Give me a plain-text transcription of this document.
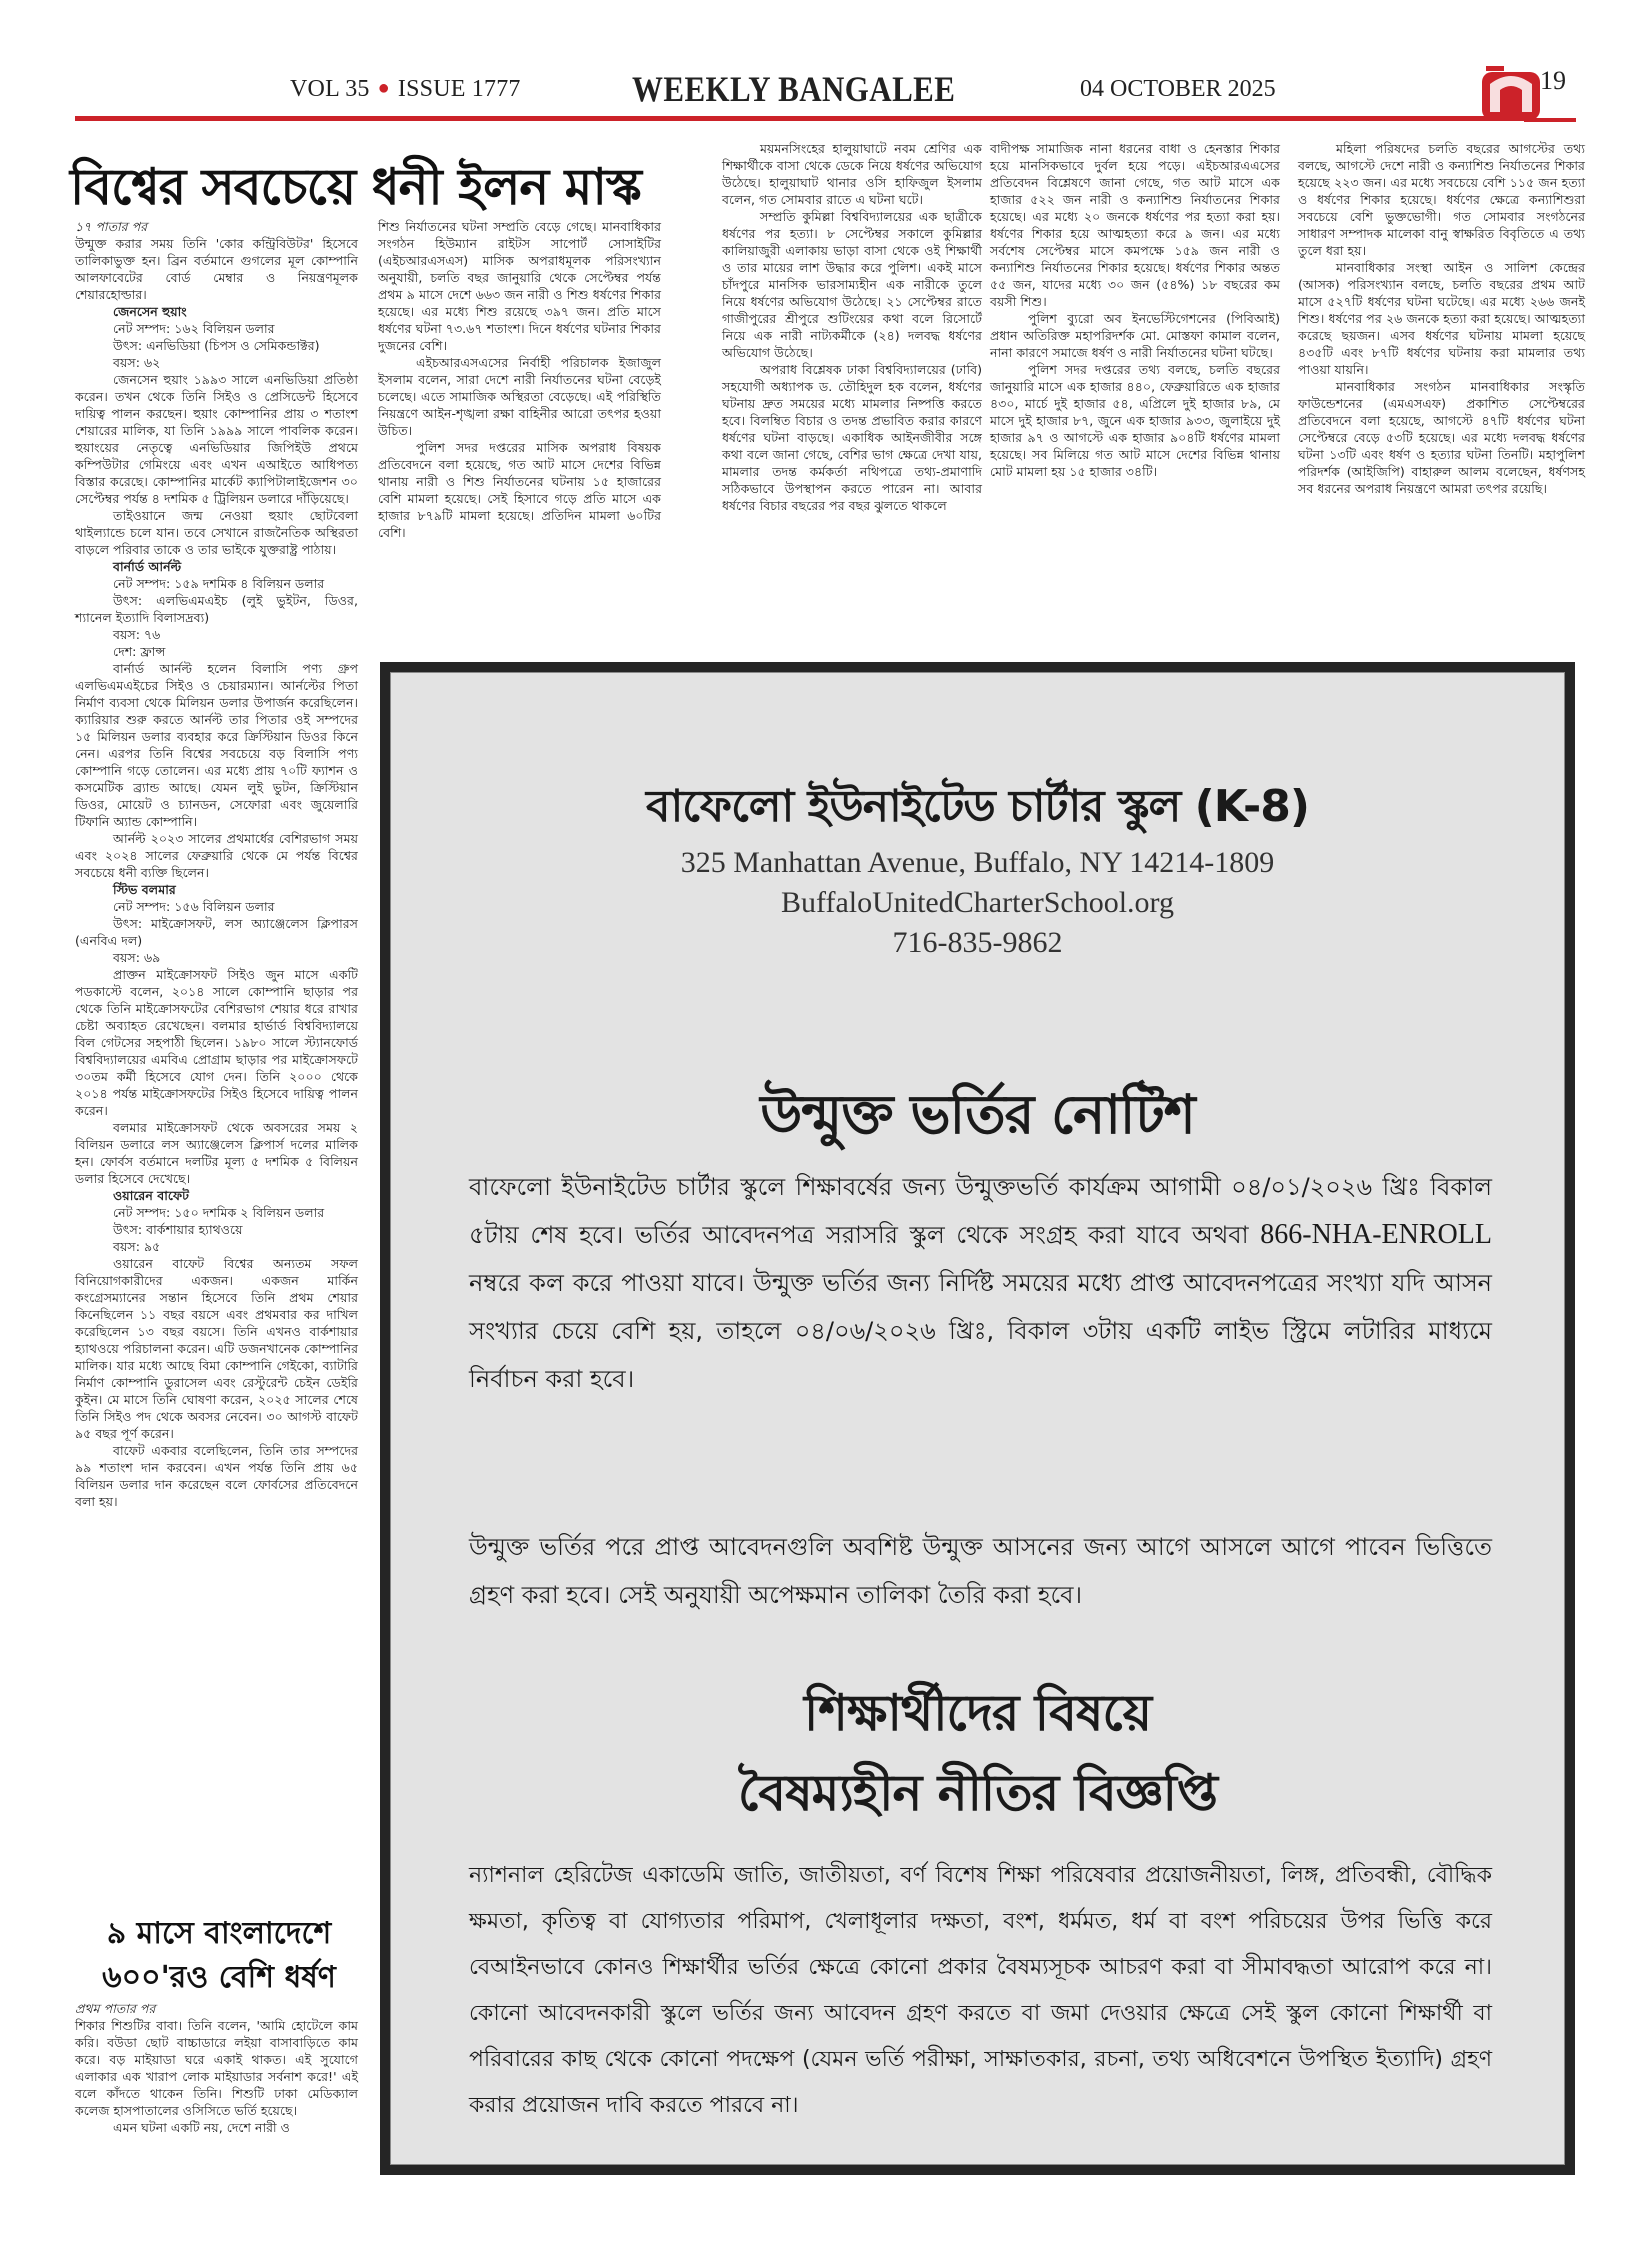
VOL 35 ● ISSUE 1777	WEEKLY BANGALEE	04 OCTOBER 2025	19
বিশ্বের সবচেয়ে ধনী ইলন মাস্ক

১৭ পাতার পর

উন্মুক্ত করার সময় তিনি 'কোর কন্ট্রিবিউটর' হিসেবে তালিকাভুক্ত হন। ব্রিন বর্তমানে গুগলের মূল কোম্পানি আলফাবেটের বোর্ড মেম্বার ও নিয়ন্ত্রণমূলক শেয়ারহোল্ডার।

জেনসেন হুয়াং

নেট সম্পদ: ১৬২ বিলিয়ন ডলার

উৎস: এনভিডিয়া (চিপস ও সেমিকন্ডাক্টর)

বয়স: ৬২

জেনসেন হুয়াং ১৯৯৩ সালে এনভিডিয়া প্রতিষ্ঠা করেন। তখন থেকে তিনি সিইও ও প্রেসিডেন্ট হিসেবে দায়িত্ব পালন করছেন। হুয়াং কোম্পানির প্রায় ৩ শতাংশ শেয়ারের মালিক, যা তিনি ১৯৯৯ সালে পাবলিক করেন। হুয়াংয়ের নেতৃত্বে এনভিডিয়ার জিপিইউ প্রথমে কম্পিউটার গেমিংয়ে এবং এখন এআইতে আধিপত্য বিস্তার করেছে। কোম্পানির মার্কেট ক্যাপিটালাইজেশন ৩০ সেপ্টেম্বর পর্যন্ত ৪ দশমিক ৫ ট্রিলিয়ন ডলারে দাঁড়িয়েছে।

তাইওয়ানে জন্ম নেওয়া হুয়াং ছোটবেলা থাইল্যান্ডে চলে যান। তবে সেখানে রাজনৈতিক অস্থিরতা বাড়লে পরিবার তাকে ও তার ভাইকে যুক্তরাষ্ট্র পাঠায়।

বার্নার্ড আর্নল্ট

নেট সম্পদ: ১৫৯ দশমিক ৪ বিলিয়ন ডলার

উৎস: এলভিএমএইচ (লুই ভুইটন, ডিওর, শ্যানেল ইত্যাদি বিলাসদ্রব্য)

বয়স: ৭৬

দেশ: ফ্রান্স

বার্নার্ড আর্নল্ট হলেন বিলাসি পণ্য গ্রুপ এলভিএমএইচের সিইও ও চেয়ারম্যান। আর্নল্টের পিতা নির্মাণ ব্যবসা থেকে মিলিয়ন ডলার উপার্জন করেছিলেন। ক্যারিয়ার শুরু করতে আর্নল্ট তার পিতার ওই সম্পদের ১৫ মিলিয়ন ডলার ব্যবহার করে ক্রিস্টিয়ান ডিওর কিনে নেন। এরপর তিনি বিশ্বের সবচেয়ে বড় বিলাসি পণ্য কোম্পানি গড়ে তোলেন। এর মধ্যে প্রায় ৭০টি ফ্যাশন ও কসমেটিক ব্র্যান্ড আছে। যেমন লুই ভুটন, ক্রিস্টিয়ান ডিওর, মোয়েট ও চ্যানডন, সেফোরা এবং জুয়েলারি টিফানি অ্যান্ড কোম্পানি।

আর্নল্ট ২০২৩ সালের প্রথমার্ধের বেশিরভাগ সময় এবং ২০২৪ সালের ফেব্রুয়ারি থেকে মে পর্যন্ত বিশ্বের সবচেয়ে ধনী ব্যক্তি ছিলেন।

স্টিভ বলমার

নেট সম্পদ: ১৫৬ বিলিয়ন ডলার

উৎস: মাইক্রোসফট, লস অ্যাঞ্জেলেস ক্লিপারস (এনবিএ দল)

বয়স: ৬৯

প্রাক্তন মাইক্রোসফট সিইও জুন মাসে একটি পডকাস্টে বলেন, ২০১৪ সালে কোম্পানি ছাড়ার পর থেকে তিনি মাইক্রোসফটের বেশিরভাগ শেয়ার ধরে রাখার চেষ্টা অব্যাহত রেখেছেন। বলমার হার্ভার্ড বিশ্ববিদ্যালয়ে বিল গেটসের সহপাঠী ছিলেন। ১৯৮০ সালে স্ট্যানফোর্ড বিশ্ববিদ্যালয়ের এমবিএ প্রোগ্রাম ছাড়ার পর মাইক্রোসফটে ৩০তম কর্মী হিসেবে যোগ দেন। তিনি ২০০০ থেকে ২০১৪ পর্যন্ত মাইক্রোসফটের সিইও হিসেবে দায়িত্ব পালন করেন।

বলমার মাইক্রোসফট থেকে অবসরের সময় ২ বিলিয়ন ডলারে লস অ্যাঞ্জেলেস ক্লিপার্স দলের মালিক হন। ফোর্বস বর্তমানে দলটির মূল্য ৫ দশমিক ৫ বিলিয়ন ডলার হিসেবে দেখেছে।

ওয়ারেন বাফেট

নেট সম্পদ: ১৫০ দশমিক ২ বিলিয়ন ডলার

উৎস: বার্কশায়ার হ্যাথওয়ে

বয়স: ৯৫

ওয়ারেন বাফেট বিশ্বের অন্যতম সফল বিনিয়োগকারীদের একজন। একজন মার্কিন কংগ্রেসম্যানের সন্তান হিসেবে তিনি প্রথম শেয়ার কিনেছিলেন ১১ বছর বয়সে এবং প্রথমবার কর দাখিল করেছিলেন ১৩ বছর বয়সে। তিনি এখনও বার্কশায়ার হ্যাথওয়ে পরিচালনা করেন। এটি ডজনখানেক কোম্পানির মালিক। যার মধ্যে আছে বিমা কোম্পানি গেইকো, ব্যাটারি নির্মাণ কোম্পানি ডুরাসেল এবং রেস্টুরেন্ট চেইন ডেইরি কুইন। মে মাসে তিনি ঘোষণা করেন, ২০২৫ সালের শেষে তিনি সিইও পদ থেকে অবসর নেবেন। ৩০ আগস্ট বাফেট ৯৫ বছর পূর্ণ করেন।

বাফেট একবার বলেছিলেন, তিনি তার সম্পদের ৯৯ শতাংশ দান করবেন। এখন পর্যন্ত তিনি প্রায় ৬৫ বিলিয়ন ডলার দান করেছেন বলে ফোর্বসের প্রতিবেদনে বলা হয়।

শিশু নির্যাতনের ঘটনা সম্প্রতি বেড়ে গেছে। মানবাধিকার সংগঠন হিউম্যান রাইটস সাপোর্ট সোসাইটির (এইচআরএসএস) মাসিক অপরাধমূলক পরিসংখ্যান অনুযায়ী, চলতি বছর জানুয়ারি থেকে সেপ্টেম্বর পর্যন্ত প্রথম ৯ মাসে দেশে ৬৬৩ জন নারী ও শিশু ধর্ষণের শিকার হয়েছে। এর মধ্যে শিশু রয়েছে ৩৯৭ জন। প্রতি মাসে ধর্ষণের ঘটনা ৭৩.৬৭ শতাংশ। দিনে ধর্ষণের ঘটনার শিকার দুজনের বেশি।

এইচআরএসএসের নির্বাহী পরিচালক ইজাজুল ইসলাম বলেন, সারা দেশে নারী নির্যাতনের ঘটনা বেড়েই চলেছে। এতে সামাজিক অস্থিরতা বেড়েছে। এই পরিস্থিতি নিয়ন্ত্রণে আইন-শৃঙ্খলা রক্ষা বাহিনীর আরো তৎপর হওয়া উচিত।

পুলিশ সদর দপ্তরের মাসিক অপরাধ বিষয়ক প্রতিবেদনে বলা হয়েছে, গত আট মাসে দেশের বিভিন্ন থানায় নারী ও শিশু নির্যাতনের ঘটনায় ১৫ হাজারের বেশি মামলা হয়েছে। সেই হিসাবে গড়ে প্রতি মাসে এক হাজার ৮৭৯টি মামলা হয়েছে। প্রতিদিন মামলা ৬০টির বেশি।

ময়মনসিংহের হালুয়াঘাটে নবম শ্রেণির এক শিক্ষার্থীকে বাসা থেকে ডেকে নিয়ে ধর্ষণের অভিযোগ উঠেছে। হালুয়াঘাট থানার ওসি হাফিজুল ইসলাম বলেন, গত সোমবার রাতে এ ঘটনা ঘটে।

সম্প্রতি কুমিল্লা বিশ্ববিদ্যালয়ের এক ছাত্রীকে ধর্ষণের পর হত্যা। ৮ সেপ্টেম্বর সকালে কুমিল্লার কালিয়াজুরী এলাকায় ভাড়া বাসা থেকে ওই শিক্ষার্থী ও তার মায়ের লাশ উদ্ধার করে পুলিশ। একই মাসে চাঁদপুরে মানসিক ভারসাম্যহীন এক নারীকে তুলে নিয়ে ধর্ষণের অভিযোগ উঠেছে। ২১ সেপ্টেম্বর রাতে গাজীপুরের শ্রীপুরে শুটিংয়ের কথা বলে রিসোর্টে নিয়ে এক নারী নাট্যকর্মীকে (২৪) দলবদ্ধ ধর্ষণের অভিযোগ উঠেছে।

অপরাধ বিশ্লেষক ঢাকা বিশ্ববিদ্যালয়ের (ঢাবি) সহযোগী অধ্যাপক ড. তৌহিদুল হক বলেন, ধর্ষণের ঘটনায় দ্রুত সময়ের মধ্যে মামলার নিষ্পত্তি করতে হবে। বিলম্বিত বিচার ও তদন্ত প্রভাবিত করার কারণে ধর্ষণের ঘটনা বাড়ছে। একাধিক আইনজীবীর সঙ্গে কথা বলে জানা গেছে, বেশির ভাগ ক্ষেত্রে দেখা যায়, মামলার তদন্ত কর্মকর্তা নথিপত্রে তথ্য-প্রমাণাদি সঠিকভাবে উপস্থাপন করতে পারেন না। আবার ধর্ষণের বিচার বছরের পর বছর ঝুলতে থাকলে

বাদীপক্ষ সামাজিক নানা ধরনের বাধা ও হেনস্তার শিকার হয়ে মানসিকভাবে দুর্বল হয়ে পড়ে। এইচআরএএসের প্রতিবেদন বিশ্লেষণে জানা গেছে, গত আট মাসে এক হাজার ৫২২ জন নারী ও কন্যাশিশু নির্যাতনের শিকার হয়েছে। এর মধ্যে ২০ জনকে ধর্ষণের পর হত্যা করা হয়। ধর্ষণের শিকার হয়ে আত্মহত্যা করে ৯ জন। এর মধ্যে সর্বশেষ সেপ্টেম্বর মাসে কমপক্ষে ১৫৯ জন নারী ও কন্যাশিশু নির্যাতনের শিকার হয়েছে। ধর্ষণের শিকার অন্তত ৫৫ জন, যাদের মধ্যে ৩০ জন (৫৪%) ১৮ বছরের কম বয়সী শিশু।

পুলিশ ব্যুরো অব ইনভেস্টিগেশনের (পিবিআই) প্রধান অতিরিক্ত মহাপরিদর্শক মো. মোস্তফা কামাল বলেন, নানা কারণে সমাজে ধর্ষণ ও নারী নির্যাতনের ঘটনা ঘটছে।

পুলিশ সদর দপ্তরের তথ্য বলছে, চলতি বছরের জানুয়ারি মাসে এক হাজার ৪৪০, ফেব্রুয়ারিতে এক হাজার ৪৩০, মার্চে দুই হাজার ৫৪, এপ্রিলে দুই হাজার ৮৯, মে মাসে দুই হাজার ৮৭, জুনে এক হাজার ৯৩৩, জুলাইয়ে দুই হাজার ৯৭ ও আগস্টে এক হাজার ৯০৪টি ধর্ষণের মামলা হয়েছে। সব মিলিয়ে গত আট মাসে দেশের বিভিন্ন থানায় মোট মামলা হয় ১৫ হাজার ৩৪টি।

মহিলা পরিষদের চলতি বছরের আগস্টের তথ্য বলছে, আগস্টে দেশে নারী ও কন্যাশিশু নির্যাতনের শিকার হয়েছে ২২৩ জন। এর মধ্যে সবচেয়ে বেশি ১১৫ জন হত্যা ও ধর্ষণের শিকার হয়েছে। ধর্ষণের ক্ষেত্রে কন্যাশিশুরা সবচেয়ে বেশি ভুক্তভোগী। গত সোমবার সংগঠনের সাধারণ সম্পাদক মালেকা বানু স্বাক্ষরিত বিবৃতিতে এ তথ্য তুলে ধরা হয়।

মানবাধিকার সংস্থা আইন ও সালিশ কেন্দ্রের (আসক) পরিসংখ্যান বলছে, চলতি বছরের প্রথম আট মাসে ৫২৭টি ধর্ষণের ঘটনা ঘটেছে। এর মধ্যে ২৬৬ জনই শিশু। ধর্ষণের পর ২৬ জনকে হত্যা করা হয়েছে। আত্মহত্যা করেছে ছয়জন। এসব ধর্ষণের ঘটনায় মামলা হয়েছে ৪৩৫টি এবং ৮৭টি ধর্ষণের ঘটনায় করা মামলার তথ্য পাওয়া যায়নি।

মানবাধিকার সংগঠন মানবাধিকার সংস্কৃতি ফাউন্ডেশনের (এমএসএফ) প্রকাশিত সেপ্টেম্বরের প্রতিবেদনে বলা হয়েছে, আগস্টে ৪৭টি ধর্ষণের ঘটনা সেপ্টেম্বরে বেড়ে ৫৩টি হয়েছে। এর মধ্যে দলবদ্ধ ধর্ষণের ঘটনা ১৩টি এবং ধর্ষণ ও হত্যার ঘটনা তিনটি। মহাপুলিশ পরিদর্শক (আইজিপি) বাহারুল আলম বলেছেন, ধর্ষণসহ সব ধরনের অপরাধ নিয়ন্ত্রণে আমরা তৎপর রয়েছি।

৯ মাসে বাংলাদেশে
৬০০'রও বেশি ধর্ষণ

প্রথম পাতার পর

শিকার শিশুটির বাবা। তিনি বলেন, 'আমি হোটেলে কাম করি। বউডা ছোট বাচ্চাডারে লইয়া বাসাবাড়িতে কাম করে। বড় মাইয়াডা ঘরে একাই থাকত। এই সুযোগে এলাকার এক খারাপ লোক মাইয়াডার সর্বনাশ করে!' এই বলে কাঁদতে থাকেন তিনি। শিশুটি ঢাকা মেডিক্যাল কলেজ হাসপাতালের ওসিসিতে ভর্তি হয়েছে।

এমন ঘটনা একটি নয়, দেশে নারী ও

বাফেলো ইউনাইটেড চার্টার স্কুল (K-8)
325 Manhattan Avenue, Buffalo, NY 14214-1809
BuffaloUnitedCharterSchool.org
716-835-9862
উন্মুক্ত ভর্তির নোটিশ
বাফেলো ইউনাইটেড চার্টার স্কুলে শিক্ষাবর্ষের জন্য উন্মুক্তভর্তি কার্যক্রম আগামী ০৪/০১/২০২৬ খ্রিঃ বিকাল ৫টায় শেষ হবে। ভর্তির আবেদনপত্র সরাসরি স্কুল থেকে সংগ্রহ করা যাবে অথবা 866-NHA-ENROLL নম্বরে কল করে পাওয়া যাবে। উন্মুক্ত ভর্তির জন্য নির্দিষ্ট সময়ের মধ্যে প্রাপ্ত আবেদনপত্রের সংখ্যা যদি আসন সংখ্যার চেয়ে বেশি হয়, তাহলে ০৪/০৬/২০২৬ খ্রিঃ, বিকাল ৩টায় একটি লাইভ স্ট্রিমে লটারির মাধ্যমে নির্বাচন করা হবে।
উন্মুক্ত ভর্তির পরে প্রাপ্ত আবেদনগুলি অবশিষ্ট উন্মুক্ত আসনের জন্য আগে আসলে আগে পাবেন ভিত্তিতে গ্রহণ করা হবে। সেই অনুযায়ী অপেক্ষমান তালিকা তৈরি করা হবে।
শিক্ষার্থীদের বিষয়ে
বৈষম্যহীন নীতির বিজ্ঞপ্তি
ন্যাশনাল হেরিটেজ একাডেমি জাতি, জাতীয়তা, বর্ণ বিশেষ শিক্ষা পরিষেবার প্রয়োজনীয়তা, লিঙ্গ, প্রতিবন্ধী, বৌদ্ধিক ক্ষমতা, কৃতিত্ব বা যোগ্যতার পরিমাপ, খেলাধূলার দক্ষতা, বংশ, ধর্মমত, ধর্ম বা বংশ পরিচয়ের উপর ভিত্তি করে বেআইনভাবে কোনও শিক্ষার্থীর ভর্তির ক্ষেত্রে কোনো প্রকার বৈষম্যসূচক আচরণ করা বা সীমাবদ্ধতা আরোপ করে না। কোনো আবেদনকারী স্কুলে ভর্তির জন্য আবেদন গ্রহণ করতে বা জমা দেওয়ার ক্ষেত্রে সেই স্কুল কোনো শিক্ষার্থী বা পরিবারের কাছ থেকে কোনো পদক্ষেপ (যেমন ভর্তি পরীক্ষা, সাক্ষাতকার, রচনা, তথ্য অধিবেশনে উপস্থিত ইত্যাদি) গ্রহণ করার প্রয়োজন দাবি করতে পারবে না।
